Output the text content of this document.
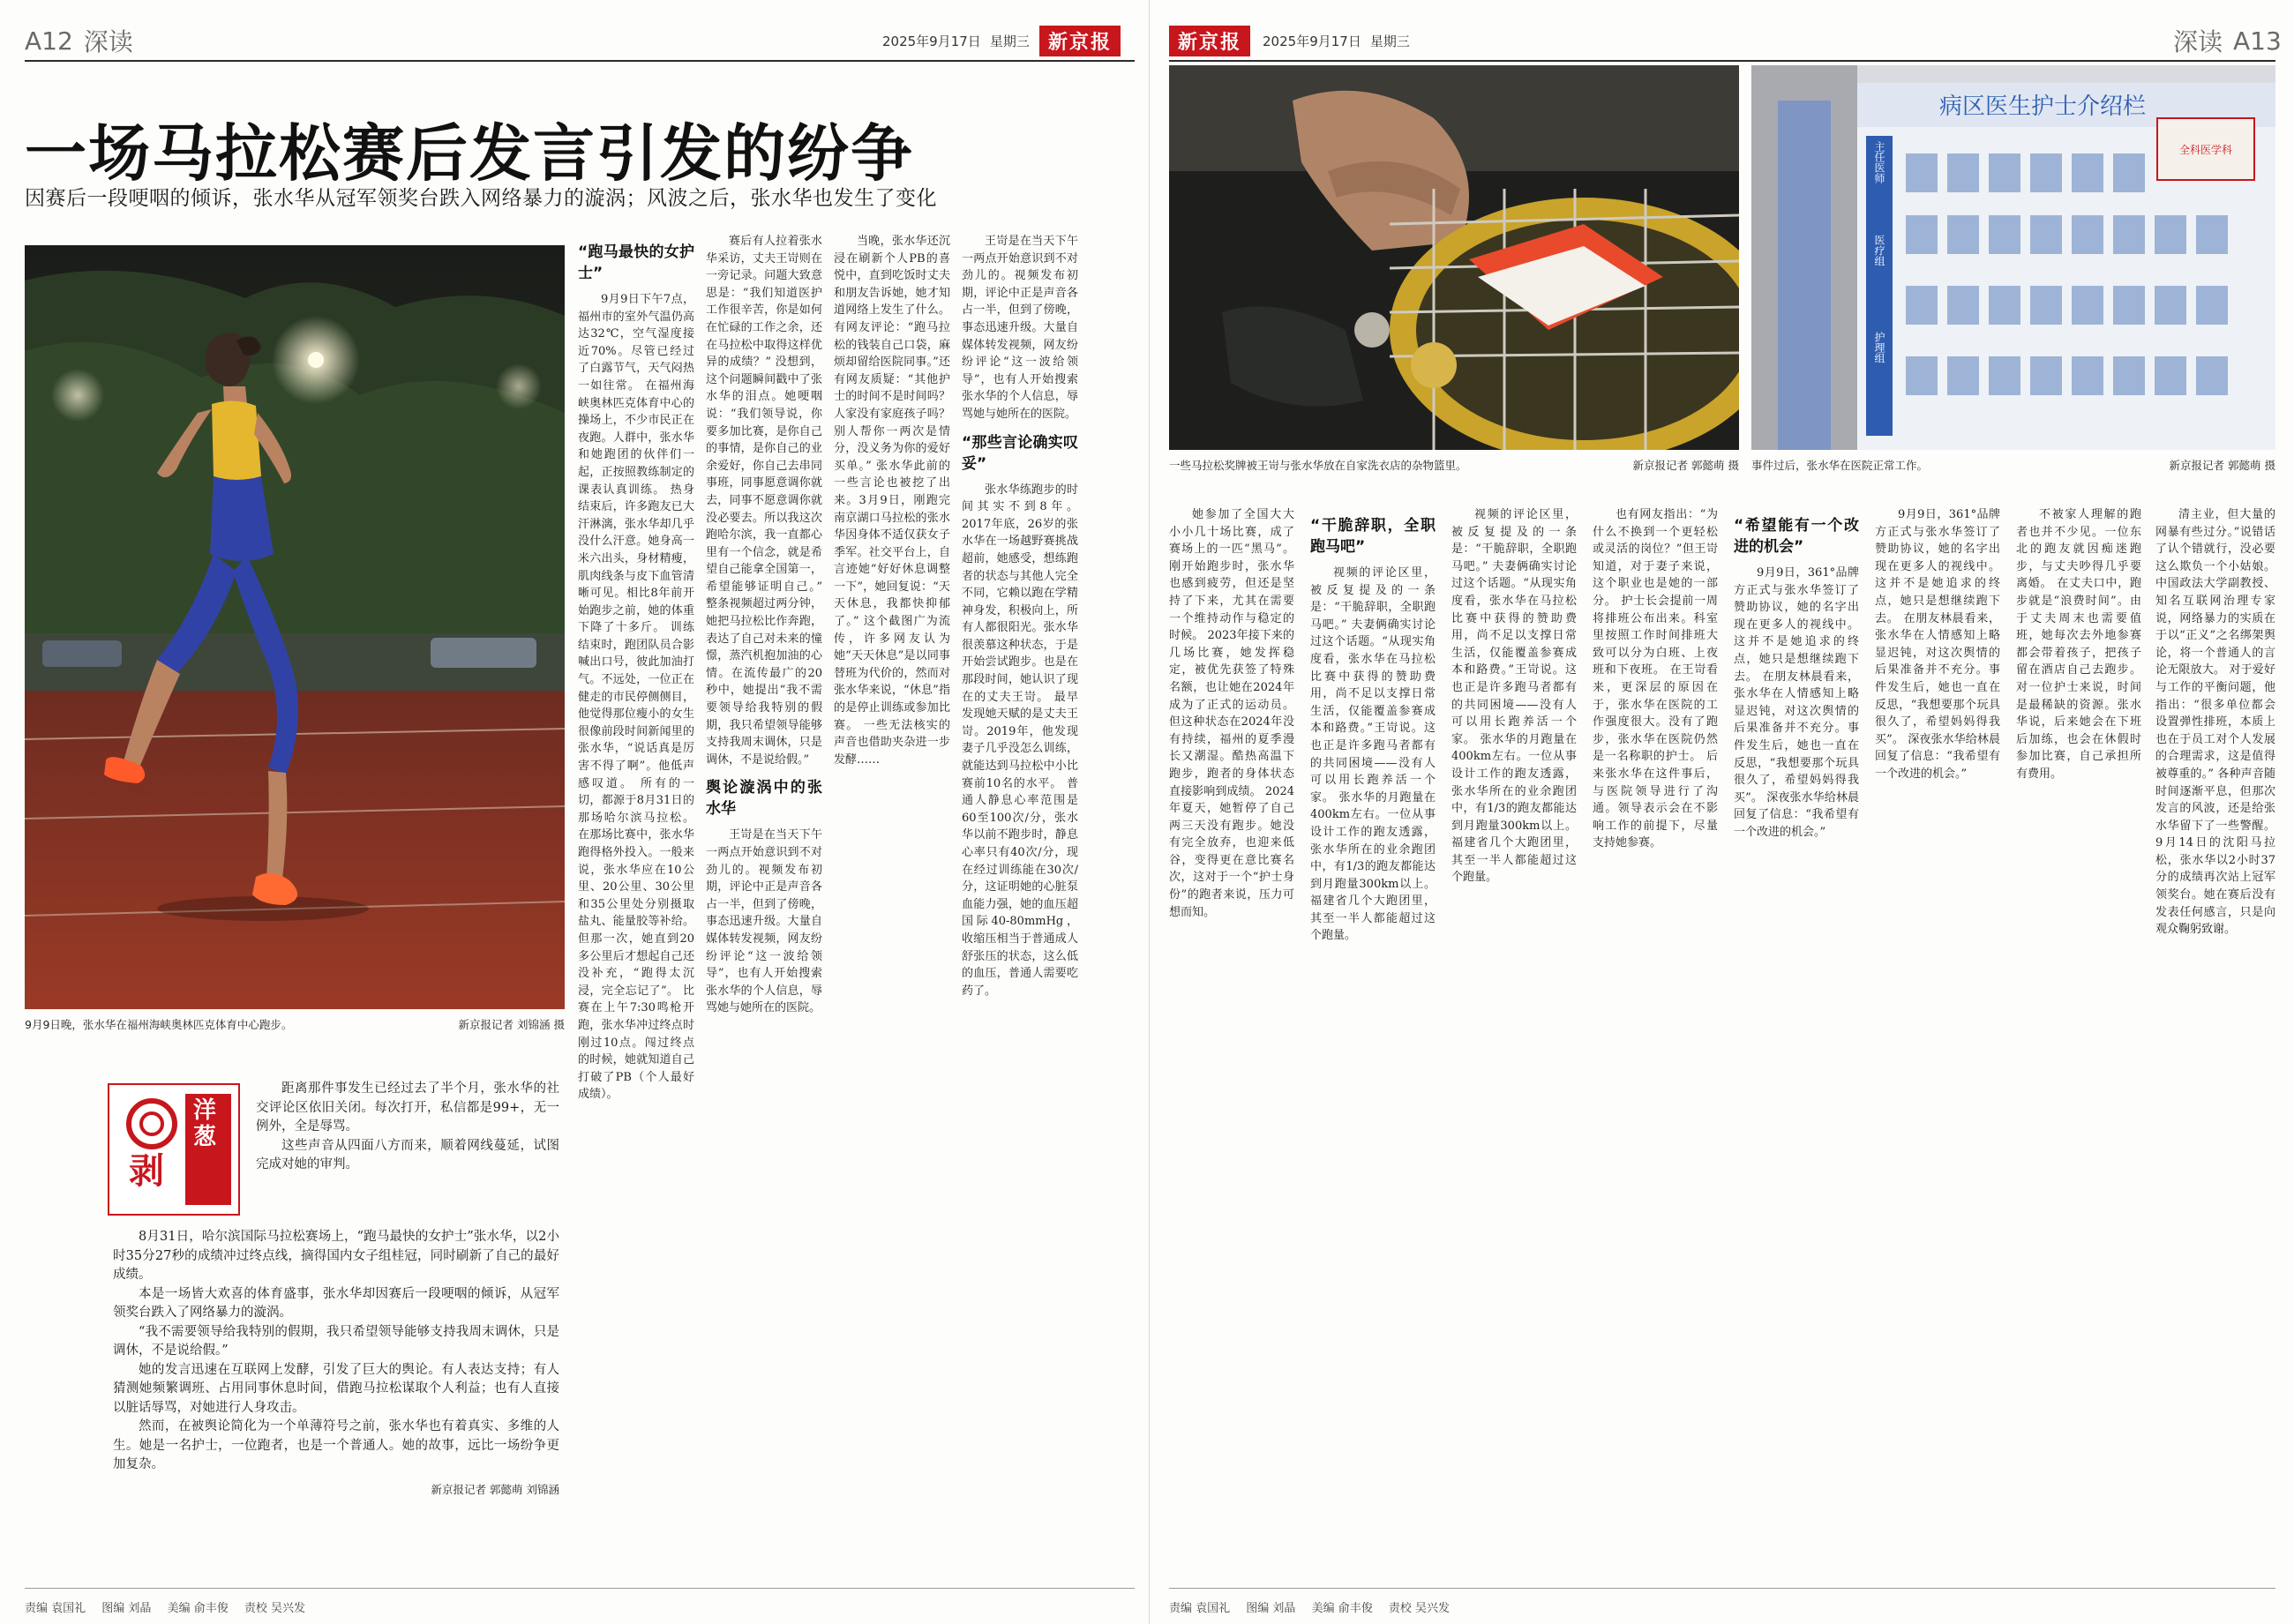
A12 深读	2025年9月17日 星期三 新京报
一场马拉松赛后发言引发的纷争
因赛后一段哽咽的倾诉，张水华从冠军领奖台跌入网络暴力的漩涡；风波之后，张水华也发生了变化
9月9日晚，张水华在福州海峡奥林匹克体育中心跑步。	新京报记者 刘锦涵 摄
“跑马最快的女护士”

9月9日下午7点，福州市的室外气温仍高达32℃，空气湿度接近70%。尽管已经过了白露节气，天气闷热一如往常。 在福州海峡奥林匹克体育中心的操场上，不少市民正在夜跑。人群中，张水华和她跑团的伙伴们一起，正按照教练制定的课表认真训练。 热身结束后，许多跑友已大汗淋漓，张水华却几乎没什么汗意。她身高一米六出头，身材精瘦，肌肉线条与皮下血管清晰可见。相比8年前开始跑步之前，她的体重下降了十多斤。 训练结束时，跑团队员合影喊出口号，彼此加油打气。不远处，一位正在健走的市民停侧侧目，他觉得那位瘦小的女生很像前段时间新闻里的张水华，“说话真是厉害不得了啊”。他低声感叹道。 所有的一切，都源于8月31日的那场哈尔滨马拉松。 在那场比赛中，张水华跑得格外投入。一般来说，张水华应在10公里、20公里、30公里和35公里处分别摄取盐丸、能量胶等补给。但那一次，她直到20多公里后才想起自己还没补充，“跑得太沉浸，完全忘记了”。 比赛在上午7:30鸣枪开跑，张水华冲过终点时刚过10点。闯过终点的时候，她就知道自己打破了PB（个人最好成绩）。

赛后有人拉着张水华采访，丈夫王岢则在一旁记录。问题大致意思是：“我们知道医护工作很辛苦，你是如何在忙碌的工作之余，还在马拉松中取得这样优异的成绩？” 没想到，这个问题瞬间戳中了张水华的泪点。她哽咽说：“我们领导说，你要多加比赛，是你自己的事情，是你自己的业余爱好，你自己去串同事班，同事愿意调你就去，同事不愿意调你就没必要去。所以我这次跑哈尔滨，我一直都心里有一个信念，就是希望自己能拿全国第一，希望能够证明自己。” 整条视频超过两分钟，她把马拉松比作奔跑，表达了自己对未来的憧憬，蒸汽机抱加油的心情。在流传最广的20秒中，她提出“我不需要领导给我特别的假期，我只希望领导能够支持我周末调休，只是调休，不是说给假。”

舆论漩涡中的张水华

王岢是在当天下午一两点开始意识到不对劲儿的。视频发布初期，评论中正是声音各占一半，但到了傍晚，事态迅速升级。大量自媒体转发视频，网友纷纷评论“这一波给领导”，也有人开始搜索张水华的个人信息，辱骂她与她所在的医院。

当晚，张水华还沉浸在刷新个人PB的喜悦中，直到吃饭时丈夫和朋友告诉她，她才知道网络上发生了什么。 有网友评论：“跑马拉松的钱装自己口袋，麻烦却留给医院同事。”还有网友质疑：“其他护士的时间不是时间吗？人家没有家庭孩子吗？别人帮你一两次是情分，没义务为你的爱好买单。” 张水华此前的一些言论也被挖了出来。3月9日，刚跑完南京湖口马拉松的张水华因身体不适仅获女子季军。社交平台上，自言迹她“好好休息调整一下”，她回复说：“天天休息，我都快抑郁了。” 这个截图广为流传，许多网友认为她“天天休息”是以同事替班为代价的，然而对张水华来说，“休息”指的是停止训练或参加比赛。 一些无法核实的声音也借助夹杂进一步发酵……

王岢是在当天下午一两点开始意识到不对劲儿的。视频发布初期，评论中正是声音各占一半，但到了傍晚，事态迅速升级。大量自媒体转发视频，网友纷纷评论“这一波给领导”，也有人开始搜索张水华的个人信息，辱骂她与她所在的医院。

“那些言论确实叹妥”

张水华练跑步的时间其实不到8年。2017年底，26岁的张水华在一场越野赛挑战超前，她感受，想练跑者的状态与其他人完全不同，它赖以跑在学精神身发，积极向上，所有人都很阳光。张水华很羡慕这种状态，于是开始尝试跑步。也是在那段时间，她认识了现在的丈夫王岢。 最早发现她天赋的是丈夫王岢。2019年，他发现妻子几乎没怎么训练，就能达到马拉松中小比赛前10名的水平。 普通人静息心率范围是60至100次/分，张水华以前不跑步时，静息心率只有40次/分，现在经过训练能在30次/分，这证明她的心脏泵血能力强，她的血压超国际40-80mmHg，收缩压相当于普通成人舒张压的状态，这么低的血压，普通人需要吃药了。

剥
洋葱

距离那件事发生已经过去了半个月，张水华的社交评论区依旧关闭。每次打开，私信都是99+，无一例外，全是辱骂。

这些声音从四面八方而来，顺着网线蔓延，试图完成对她的审判。

8月31日，哈尔滨国际马拉松赛场上，“跑马最快的女护士”张水华，以2小时35分27秒的成绩冲过终点线，摘得国内女子组桂冠，同时刷新了自己的最好成绩。

本是一场皆大欢喜的体育盛事，张水华却因赛后一段哽咽的倾诉，从冠军领奖台跌入了网络暴力的漩涡。

“我不需要领导给我特别的假期，我只希望领导能够支持我周末调休，只是调休，不是说给假。”

她的发言迅速在互联网上发酵，引发了巨大的舆论。有人表达支持；有人猜测她频繁调班、占用同事休息时间，借跑马拉松谋取个人利益；也有人直接以脏话辱骂，对她进行人身攻击。

然而，在被舆论简化为一个单薄符号之前，张水华也有着真实、多维的人生。她是一名护士，一位跑者，也是一个普通人。她的故事，远比一场纷争更加复杂。

新京报记者 郭懿萌 刘锦涵
责编 袁国礼 图编 刘晶 美编 俞丰俊 责校 吴兴发
新京报	2025年9月17日 星期三	深读 A13
一些马拉松奖牌被王岢与张水华放在自家洗衣店的杂物篮里。	新京报记者 郭懿萌 摄
病区医生护士介绍栏
全科医学科
主任医师
医疗组
护理组
事件过后，张水华在医院正常工作。	新京报记者 郭懿萌 摄

她参加了全国大大小小几十场比赛，成了赛场上的一匹“黑马”。刚开始跑步时，张水华也感到疲劳，但还是坚持了下来，尤其在需要一个维持动作与稳定的时候。 2023年接下来的几场比赛，她发挥稳定，被优先获签了特殊名额，也让她在2024年成为了正式的运动员。 但这种状态在2024年没有持续，福州的夏季漫长又潮湿。酷热高温下跑步，跑者的身体状态直接影响到成绩。 2024年夏天，她暂停了自己两三天没有跑步。她没有完全放弃，也迎来低谷，变得更在意比赛名次，这对于一个“护士身份”的跑者来说，压力可想而知。

“干脆辞职，全职跑马吧”

视频的评论区里，被反复提及的一条是：“干脆辞职，全职跑马吧。” 夫妻俩确实讨论过这个话题。“从现实角度看，张水华在马拉松比赛中获得的赞助费用，尚不足以支撑日常生活，仅能覆盖参赛成本和路费。”王岢说。这也正是许多跑马者都有的共同困境——没有人可以用长跑养活一个家。 张水华的月跑量在400km左右。一位从事设计工作的跑友透露，张水华所在的业余跑团中，有1/3的跑友都能达到月跑量300km以上。 福建省几个大跑团里，其至一半人都能超过这个跑量。

视频的评论区里，被反复提及的一条是：“干脆辞职，全职跑马吧。” 夫妻俩确实讨论过这个话题。“从现实角度看，张水华在马拉松比赛中获得的赞助费用，尚不足以支撑日常生活，仅能覆盖参赛成本和路费。”王岢说。这也正是许多跑马者都有的共同困境——没有人可以用长跑养活一个家。 张水华的月跑量在400km左右。一位从事设计工作的跑友透露，张水华所在的业余跑团中，有1/3的跑友都能达到月跑量300km以上。 福建省几个大跑团里，其至一半人都能超过这个跑量。

也有网友指出：“为什么不换到一个更轻松或灵活的岗位？”但王岢知道，对于妻子来说，这个职业也是她的一部分。 护士长会提前一周将排班公布出来。科室里按照工作时间排班大致可以分为白班、上夜班和下夜班。 在王岢看来，更深层的原因在于，张水华在医院的工作强度很大。没有了跑步，张水华在医院仍然是一名称职的护士。 后来张水华在这件事后，与医院领导进行了沟通。领导表示会在不影响工作的前提下，尽量支持她参赛。

“希望能有一个改进的机会”

9月9日，361°品牌方正式与张水华签订了赞助协议，她的名字出现在更多人的视线中。这并不是她追求的终点，她只是想继续跑下去。 在朋友林晨看来，张水华在人情感知上略显迟钝，对这次舆情的后果准备并不充分。事件发生后，她也一直在反思，“我想要那个玩具很久了，希望妈妈得我买”。 深夜张水华给林晨回复了信息：“我希望有一个改进的机会。”

9月9日，361°品牌方正式与张水华签订了赞助协议，她的名字出现在更多人的视线中。这并不是她追求的终点，她只是想继续跑下去。 在朋友林晨看来，张水华在人情感知上略显迟钝，对这次舆情的后果准备并不充分。事件发生后，她也一直在反思，“我想要那个玩具很久了，希望妈妈得我买”。 深夜张水华给林晨回复了信息：“我希望有一个改进的机会。”

不被家人理解的跑者也并不少见。一位东北的跑友就因痴迷跑步，与丈夫吵得几乎要离婚。 在丈夫口中，跑步就是“浪费时间”。由于丈夫周末也需要值班，她每次去外地参赛都会带着孩子，把孩子留在酒店自己去跑步。 对一位护士来说，时间是最稀缺的资源。张水华说，后来她会在下班后加练，也会在休假时参加比赛，自己承担所有费用。

清主业，但大量的网暴有些过分。”说错话了认个错就行，没必要这么欺负一个小姑娘。 中国政法大学副教授、知名互联网治理专家说，网络暴力的实质在于以“正义”之名绑架舆论，将一个普通人的言论无限放大。 对于爱好与工作的平衡问题，他指出：“很多单位都会设置弹性排班，本质上也在于员工对个人发展的合理需求，这是值得被尊重的。” 各种声音随时间逐渐平息，但那次发言的风波，还是给张水华留下了一些警醒。 9月14日的沈阳马拉松，张水华以2小时37分的成绩再次站上冠军领奖台。她在赛后没有发表任何感言，只是向观众鞠躬致谢。

责编 袁国礼 图编 刘晶 美编 俞丰俊 责校 吴兴发
